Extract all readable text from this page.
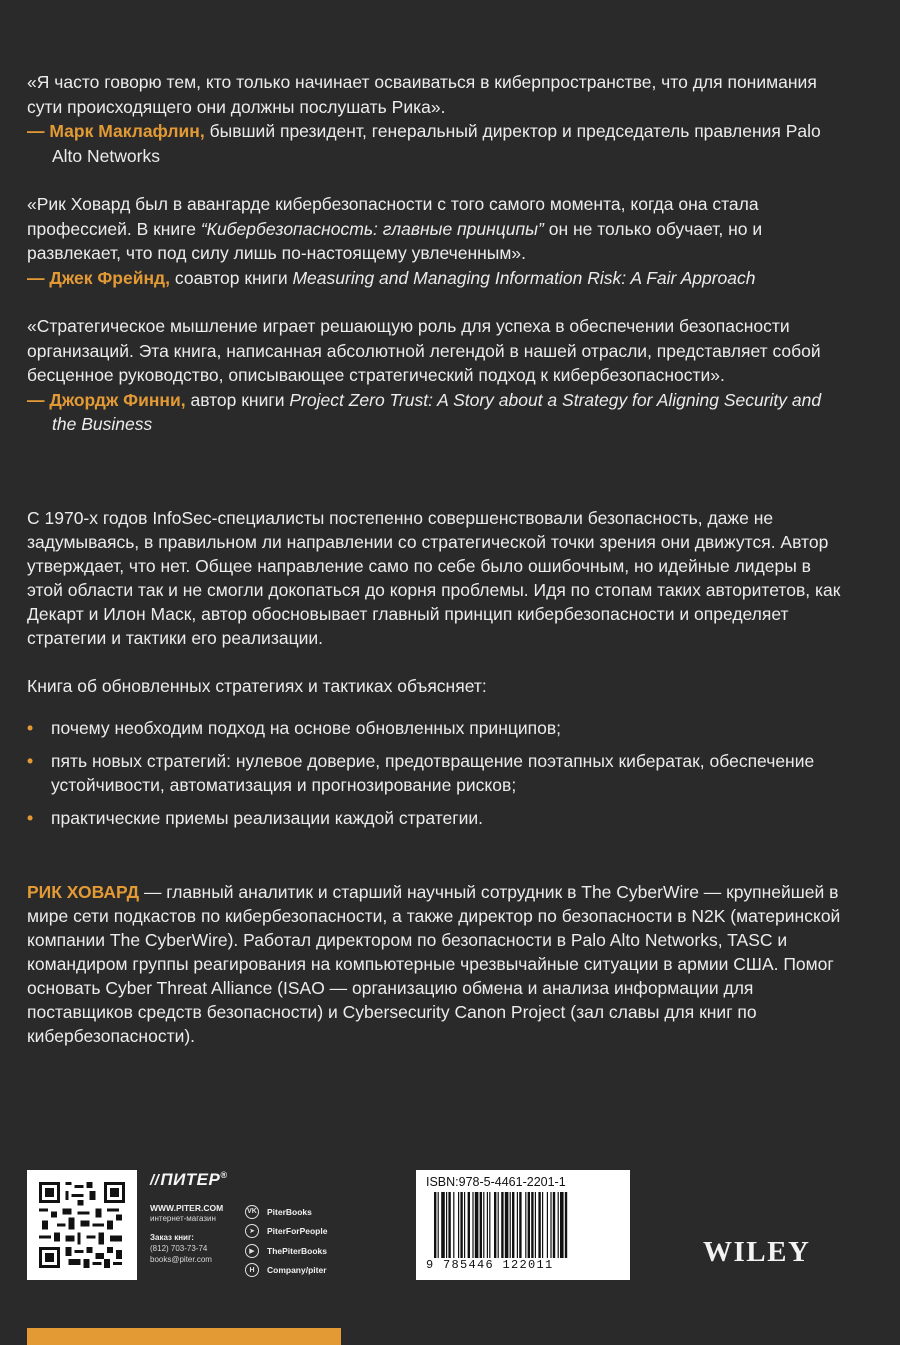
«Я часто говорю тем, кто только начинает осваиваться в киберпространстве, что для понимания сути происходящего они должны послушать Рика».
— Марк Маклафлин, бывший президент, генеральный директор и председатель правления Palo Alto Networks
«Рик Ховард был в авангарде кибербезопасности с того самого момента, когда она стала профессией. В книге “Кибербезопасность: главные принципы” он не только обучает, но и развлекает, что под силу лишь по-настоящему увлеченным».
— Джек Фрейнд, соавтор книги Measuring and Managing Information Risk: A Fair Approach
«Стратегическое мышление играет решающую роль для успеха в обеспечении безопасности организаций. Эта книга, написанная абсолютной легендой в нашей отрасли, представляет собой бесценное руководство, описывающее стратегический подход к кибербезопасности».
— Джордж Финни, автор книги Project Zero Trust: A Story about a Strategy for Aligning Security and the Business

С 1970-х годов InfoSec-специалисты постепенно совершенствовали безопасность, даже не задумываясь, в правильном ли направлении со стратегической точки зрения они движутся. Автор утверждает, что нет. Общее направление само по себе было ошибочным, но идейные лидеры в этой области так и не смогли докопаться до корня проблемы. Идя по стопам таких авторитетов, как Декарт и Илон Маск, автор обосновывает главный принцип кибербезопасности и определяет стратегии и тактики его реализации.

Книга об обновленных стратегиях и тактиках объясняет:

• почему необходим подход на основе обновленных принципов;
• пять новых стратегий: нулевое доверие, предотвращение поэтапных кибератак, обеспечение устойчивости, автоматизация и прогнозирование рисков;
• практические приемы реализации каждой стратегии.
РИК ХОВАРД — главный аналитик и старший научный сотрудник в The CyberWire — крупнейшей в мире сети подкастов по кибербезопасности, а также директор по безопасности в N2K (материнской компании The CyberWire). Работал директором по безопасности в Palo Alto Networks, TASC и командиром группы реагирования на компьютерные чрезвычайные ситуации в армии США. Помог основать Cyber Threat Alliance (ISAO — организацию обмена и анализа информации для поставщиков средств безопасности) и Cybersecurity Canon Project (зал славы для книг по кибербезопасности).
//ПИТЕР®
WWW.PITER.COM
интернет-магазин
Заказ книг:
(812) 703-73-74
books@piter.com
VK PiterBooks
➤	PiterForPeople
▶	ThePiterBooks
H	Company/piter
ISBN:978-5-4461-2201-1
9 785446 122011	WILEY
